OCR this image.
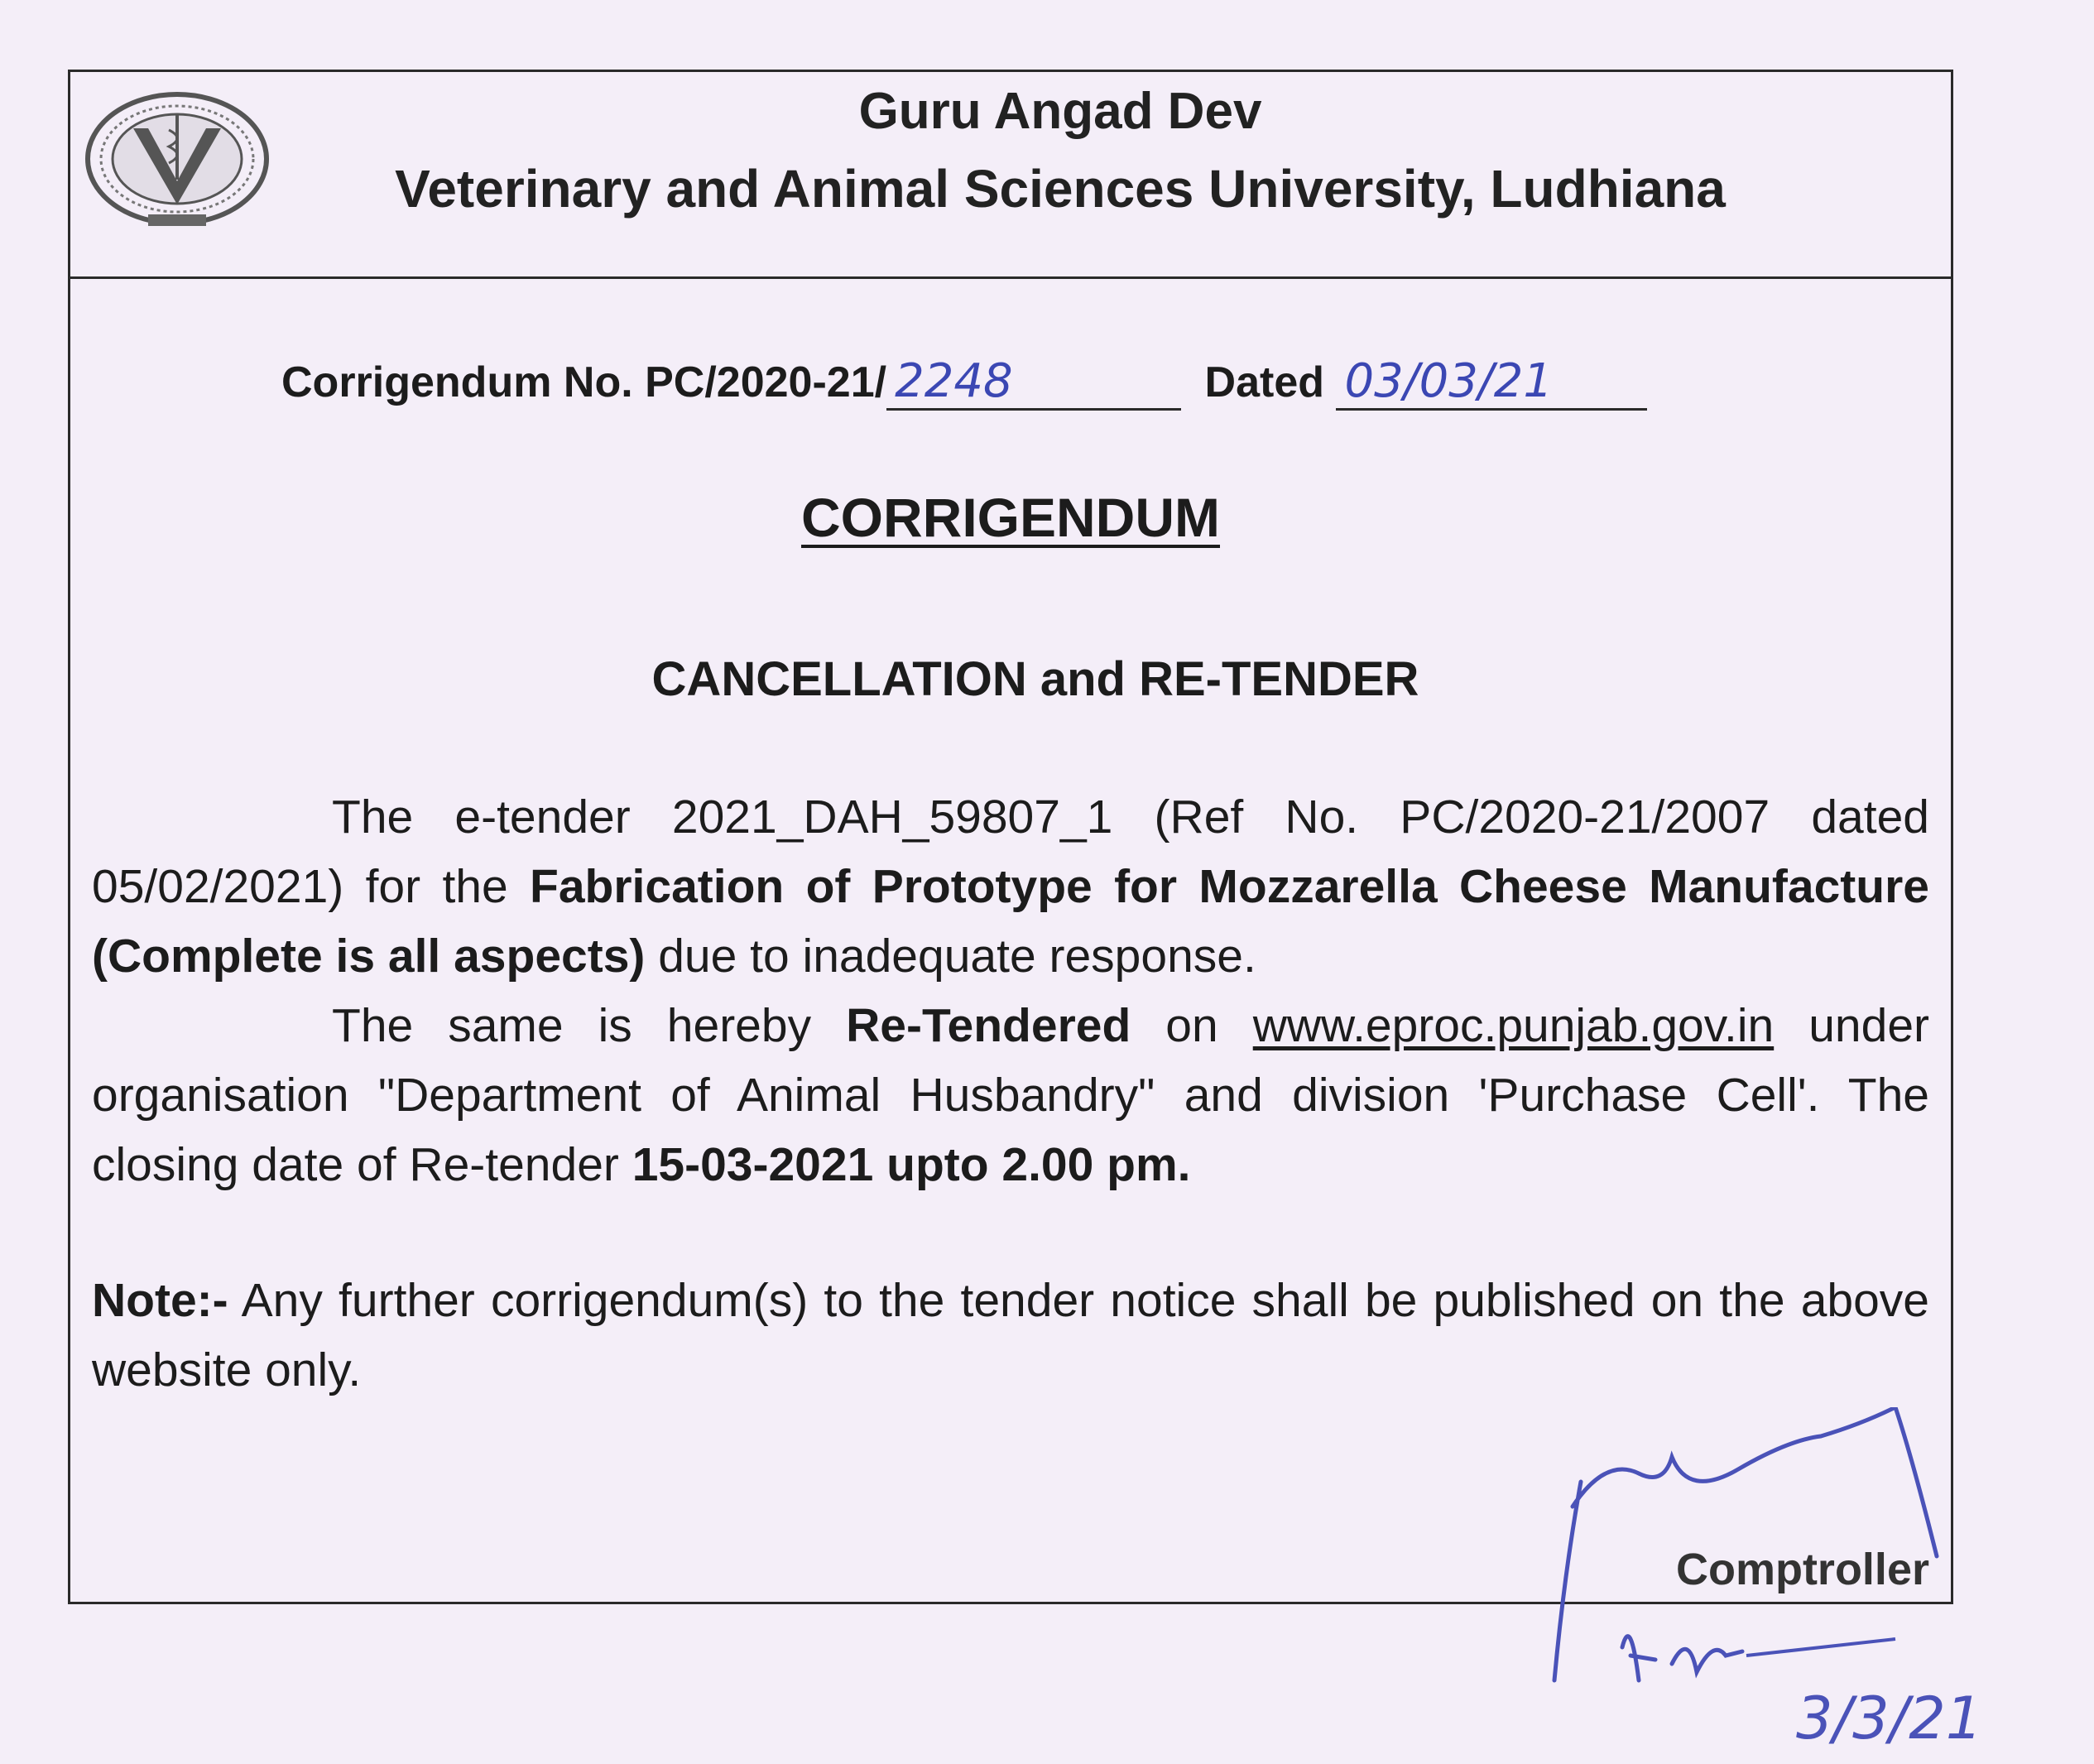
Guru Angad Dev
Veterinary and Animal Sciences University, Ludhiana
Corrigendum No. PC/2020-21/ 2248	Dated 03/03/21
CORRIGENDUM
CANCELLATION and RE-TENDER
The e-tender 2021_DAH_59807_1 (Ref No. PC/2020-21/2007 dated 05/02/2021) for the Fabrication of Prototype for Mozzarella Cheese Manufacture (Complete is all aspects) due to inadequate response.
The same is hereby Re-Tendered on www.eproc.punjab.gov.in under organisation "Department of Animal Husbandry" and division 'Purchase Cell'. The closing date of Re-tender 15-03-2021 upto 2.00 pm.
Note:- Any further corrigendum(s) to the tender notice shall be published on the above website only.
Comptroller
3/3/21
